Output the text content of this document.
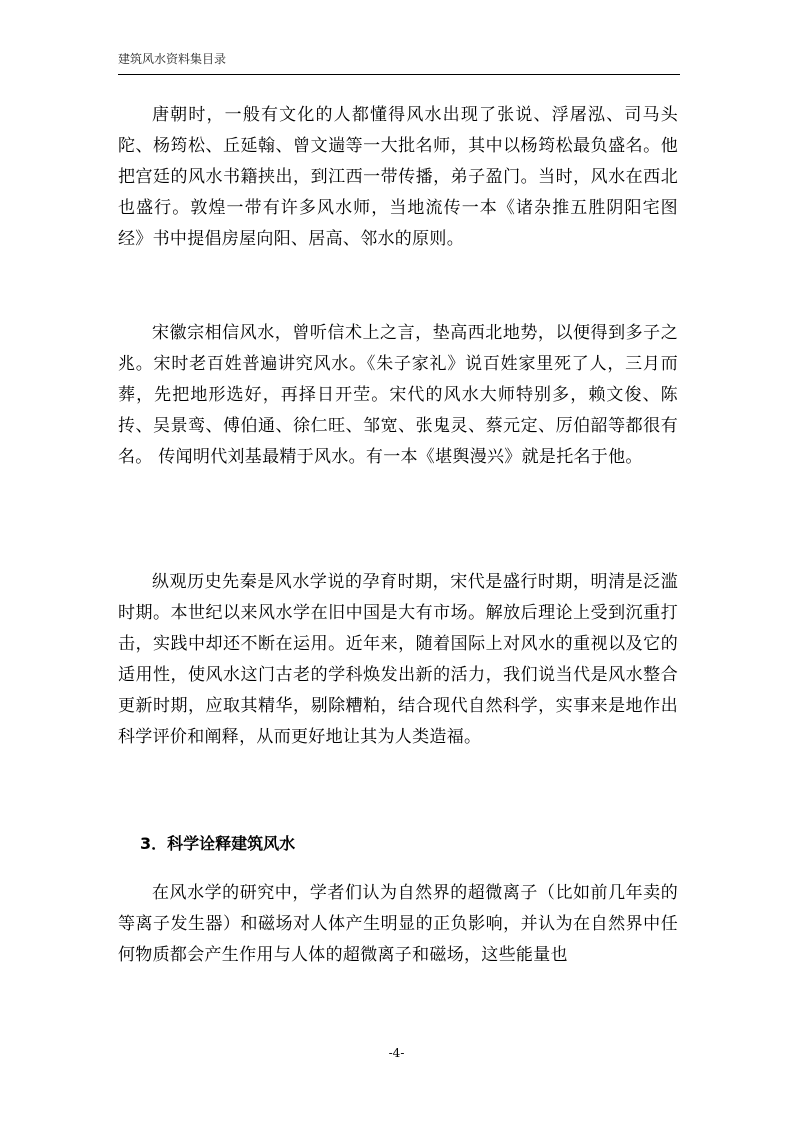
建筑风水资料集目录

唐朝时，一般有文化的人都懂得风水出现了张说、浮屠泓、司马头陀、杨筠松、丘延翰、曾文遄等一大批名师，其中以杨筠松最负盛名。他把宫廷的风水书籍挟出，到江西一带传播，弟子盈门。当时，风水在西北也盛行。敦煌一带有许多风水师，当地流传一本《诸杂推五胜阴阳宅图经》书中提倡房屋向阳、居高、邻水的原则。

宋徽宗相信风水，曾听信术上之言，垫高西北地势，以便得到多子之兆。宋时老百姓普遍讲究风水。《朱子家礼》说百姓家里死了人，三月而葬，先把地形选好，再择日开茔。宋代的风水大师特别多，赖文俊、陈抟、吴景鸾、傅伯通、徐仁旺、邹宽、张鬼灵、蔡元定、厉伯韶等都很有名。 传闻明代刘基最精于风水。有一本《堪舆漫兴》就是托名于他。

纵观历史先秦是风水学说的孕育时期，宋代是盛行时期，明清是泛滥时期。本世纪以来风水学在旧中国是大有市场。解放后理论上受到沉重打击，实践中却还不断在运用。近年来，随着国际上对风水的重视以及它的适用性，使风水这门古老的学科焕发出新的活力，我们说当代是风水整合更新时期，应取其精华，剔除糟粕，结合现代自然科学，实事来是地作出科学评价和阐释，从而更好地让其为人类造福。

3．科学诠释建筑风水

在风水学的研究中，学者们认为自然界的超微离子（比如前几年卖的等离子发生器）和磁场对人体产生明显的正负影响，并认为在自然界中任何物质都会产生作用与人体的超微离子和磁场，这些能量也

-4-
